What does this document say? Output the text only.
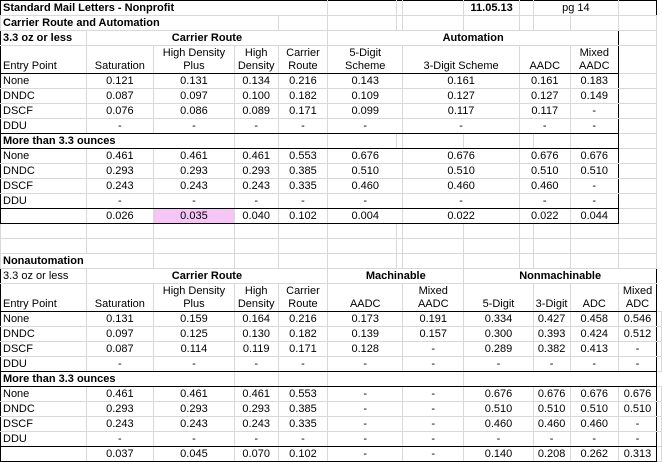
Standard Mail Letters - Nonprofit								11.05.13		pg 14			
Carrier Route and Automation													
3.3 oz or less	Carrier Route				Automation								
Entry Point	Saturation	High Density Plus	High Density	Carrier Route	5-Digit Scheme		3-Digit Scheme		AADC		Mixed AADC		
None	0.121	0.131	0.134	0.216	0.143		0.161		0.161		0.183		
DNDC	0.087	0.097	0.100	0.182	0.109		0.127		0.127		0.149		
DSCF	0.076	0.086	0.089	0.171	0.099		0.117		0.117		-		
DDU	-	-	-	-	-		-		-		-		
More than 3.3 ounces													
None	0.461	0.461	0.461	0.553	0.676		0.676		0.676		0.676		
DNDC	0.293	0.293	0.293	0.385	0.510		0.510		0.510		0.510		
DSCF	0.243	0.243	0.243	0.335	0.460		0.460		0.460		-		
DDU	-	-	-	-	-		-		-		-		
	0.026	0.035	0.040	0.102	0.004		0.022		0.022		0.044		

Nonautomation													
3.3 oz or less	Carrier Route				Machinable			Nonmachinable					
Entry Point	Saturation	High Density Plus	High Density	Carrier Route	AADC		Mixed AADC	5-Digit		3-Digit	ADC	Mixed ADC	
None	0.131	0.159	0.164	0.216	0.173		0.191	0.334		0.427	0.458	0.546	
DNDC	0.097	0.125	0.130	0.182	0.139		0.157	0.300		0.393	0.424	0.512	
DSCF	0.087	0.114	0.119	0.171	0.128		-	0.289		0.382	0.413	-	
DDU	-	-	-	-	-		-	-		-	-	-	
More than 3.3 ounces													
None	0.461	0.461	0.461	0.553	-		-	0.676		0.676	0.676	0.676	
DNDC	0.293	0.293	0.293	0.385	-		-	0.510		0.510	0.510	0.510	
DSCF	0.243	0.243	0.243	0.335	-		-	0.460		0.460	0.460	-	
DDU	-	-	-	-	-		-	-		-	-	-	
	0.037	0.045	0.070	0.102	-		-	0.140		0.208	0.262	0.313	
